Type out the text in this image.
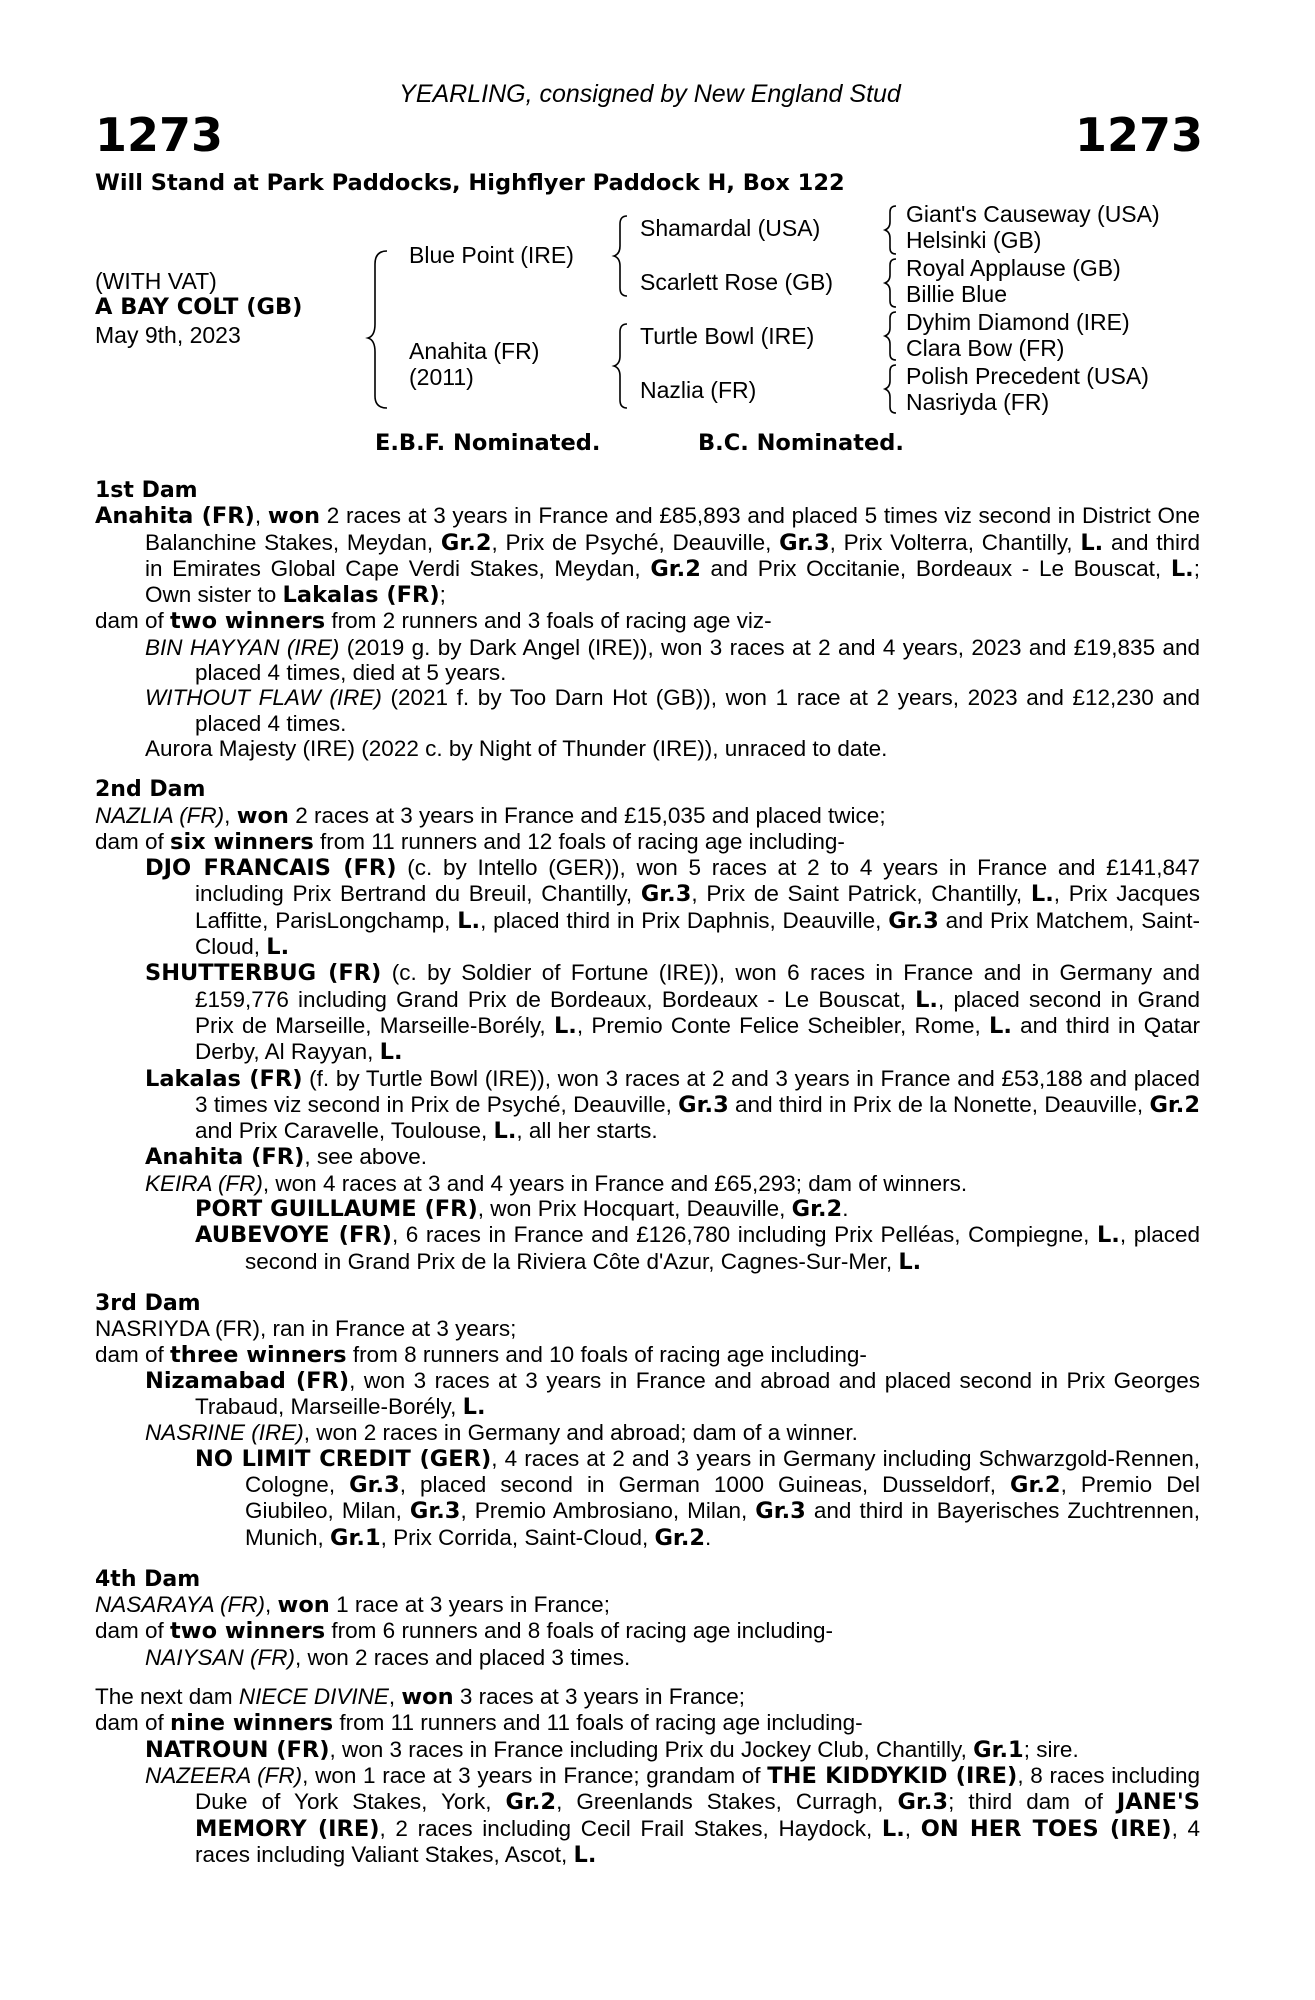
YEARLING, consigned by New England Stud
1273	1273
Will Stand at Park Paddocks, Highflyer Paddock H, Box 122
(WITH VAT)
A BAY COLT (GB)
May 9th, 2023
Blue Point (IRE)
Anahita (FR)
(2011)
Shamardal (USA)
Scarlett Rose (GB)
Turtle Bowl (IRE)
Nazlia (FR)
Giant's Causeway (USA)
Helsinki (GB)
Royal Applause (GB)
Billie Blue
Dyhim Diamond (IRE)
Clara Bow (FR)
Polish Precedent (USA)
Nasriyda (FR)
E.B.F. Nominated.	B.C. Nominated.

1st Dam

Anahita (FR), won 2 races at 3 years in France and £85,893 and placed 5 times viz second in District One Balanchine Stakes, Meydan, Gr.2, Prix de Psyché, Deauville, Gr.3, Prix Volterra, Chantilly, L. and third in Emirates Global Cape Verdi Stakes, Meydan, Gr.2 and Prix Occitanie, Bordeaux - Le Bouscat, L.; Own sister to Lakalas (FR);

dam of two winners from 2 runners and 3 foals of racing age viz-

BIN HAYYAN (IRE) (2019 g. by Dark Angel (IRE)), won 3 races at 2 and 4 years, 2023 and £19,835 and placed 4 times, died at 5 years.

WITHOUT FLAW (IRE) (2021 f. by Too Darn Hot (GB)), won 1 race at 2 years, 2023 and £12,230 and placed 4 times.

Aurora Majesty (IRE) (2022 c. by Night of Thunder (IRE)), unraced to date.

2nd Dam

NAZLIA (FR), won 2 races at 3 years in France and £15,035 and placed twice;

dam of six winners from 11 runners and 12 foals of racing age including-

DJO FRANCAIS (FR) (c. by Intello (GER)), won 5 races at 2 to 4 years in France and £141,847 including Prix Bertrand du Breuil, Chantilly, Gr.3, Prix de Saint Patrick, Chantilly, L., Prix Jacques Laffitte, ParisLongchamp, L., placed third in Prix Daphnis, Deauville, Gr.3 and Prix Matchem, Saint-Cloud, L.

SHUTTERBUG (FR) (c. by Soldier of Fortune (IRE)), won 6 races in France and in Germany and £159,776 including Grand Prix de Bordeaux, Bordeaux - Le Bouscat, L., placed second in Grand Prix de Marseille, Marseille-Borély, L., Premio Conte Felice Scheibler, Rome, L. and third in Qatar Derby, Al Rayyan, L.

Lakalas (FR) (f. by Turtle Bowl (IRE)), won 3 races at 2 and 3 years in France and £53,188 and placed 3 times viz second in Prix de Psyché, Deauville, Gr.3 and third in Prix de la Nonette, Deauville, Gr.2 and Prix Caravelle, Toulouse, L., all her starts.

Anahita (FR), see above.

KEIRA (FR), won 4 races at 3 and 4 years in France and £65,293; dam of winners.

PORT GUILLAUME (FR), won Prix Hocquart, Deauville, Gr.2.

AUBEVOYE (FR), 6 races in France and £126,780 including Prix Pelléas, Compiegne, L., placed second in Grand Prix de la Riviera Côte d'Azur, Cagnes-Sur-Mer, L.

3rd Dam

NASRIYDA (FR), ran in France at 3 years;

dam of three winners from 8 runners and 10 foals of racing age including-

Nizamabad (FR), won 3 races at 3 years in France and abroad and placed second in Prix Georges Trabaud, Marseille-Borély, L.

NASRINE (IRE), won 2 races in Germany and abroad; dam of a winner.

NO LIMIT CREDIT (GER), 4 races at 2 and 3 years in Germany including Schwarzgold-Rennen, Cologne, Gr.3, placed second in German 1000 Guineas, Dusseldorf, Gr.2, Premio Del Giubileo, Milan, Gr.3, Premio Ambrosiano, Milan, Gr.3 and third in Bayerisches Zuchtrennen, Munich, Gr.1, Prix Corrida, Saint-Cloud, Gr.2.

4th Dam

NASARAYA (FR), won 1 race at 3 years in France;

dam of two winners from 6 runners and 8 foals of racing age including-

NAIYSAN (FR), won 2 races and placed 3 times.

The next dam NIECE DIVINE, won 3 races at 3 years in France;

dam of nine winners from 11 runners and 11 foals of racing age including-

NATROUN (FR), won 3 races in France including Prix du Jockey Club, Chantilly, Gr.1; sire.

NAZEERA (FR), won 1 race at 3 years in France; grandam of THE KIDDYKID (IRE), 8 races including Duke of York Stakes, York, Gr.2, Greenlands Stakes, Curragh, Gr.3; third dam of JANE'S MEMORY (IRE), 2 races including Cecil Frail Stakes, Haydock, L., ON HER TOES (IRE), 4 races including Valiant Stakes, Ascot, L.
